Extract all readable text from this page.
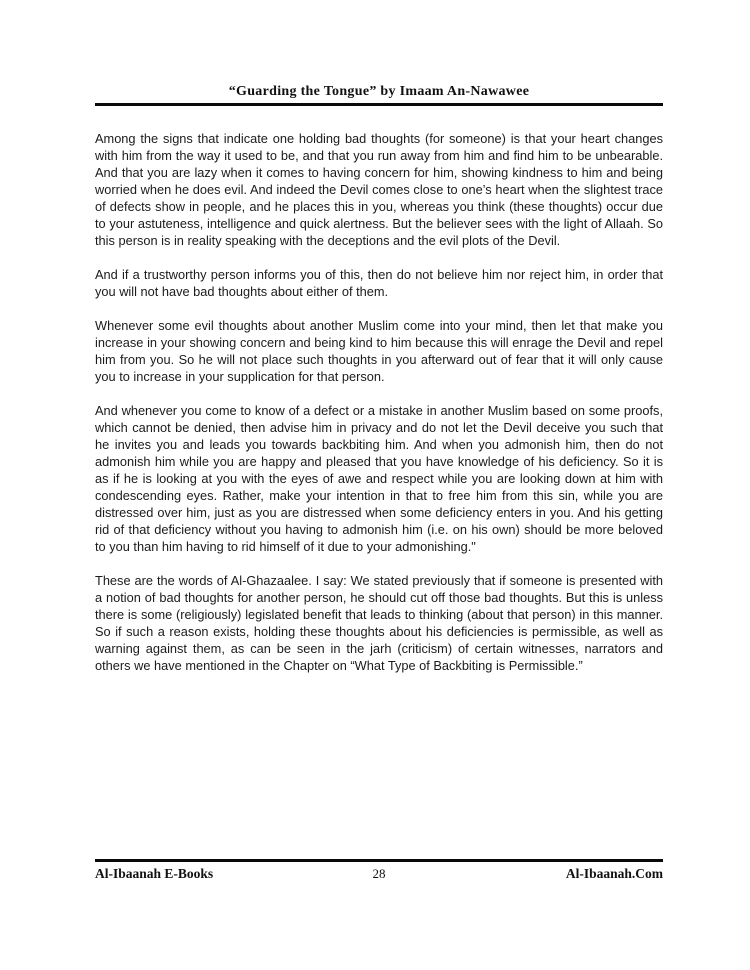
“Guarding the Tongue” by Imaam An-Nawawee

Among the signs that indicate one holding bad thoughts (for someone) is that your heart changes with him from the way it used to be, and that you run away from him and find him to be unbearable. And that you are lazy when it comes to having concern for him, showing kindness to him and being worried when he does evil. And indeed the Devil comes close to one’s heart when the slightest trace of defects show in people, and he places this in you, whereas you think (these thoughts) occur due to your astuteness, intelligence and quick alertness. But the believer sees with the light of Allaah. So this person is in reality speaking with the deceptions and the evil plots of the Devil.

And if a trustworthy person informs you of this, then do not believe him nor reject him, in order that you will not have bad thoughts about either of them.

Whenever some evil thoughts about another Muslim come into your mind, then let that make you increase in your showing concern and being kind to him because this will enrage the Devil and repel him from you. So he will not place such thoughts in you afterward out of fear that it will only cause you to increase in your supplication for that person.

And whenever you come to know of a defect or a mistake in another Muslim based on some proofs, which cannot be denied, then advise him in privacy and do not let the Devil deceive you such that he invites you and leads you towards backbiting him. And when you admonish him, then do not admonish him while you are happy and pleased that you have knowledge of his deficiency. So it is as if he is looking at you with the eyes of awe and respect while you are looking down at him with condescending eyes. Rather, make your intention in that to free him from this sin, while you are distressed over him, just as you are distressed when some deficiency enters in you. And his getting rid of that deficiency without you having to admonish him (i.e. on his own) should be more beloved to you than him having to rid himself of it due to your admonishing."

These are the words of Al-Ghazaalee. I say: We stated previously that if someone is presented with a notion of bad thoughts for another person, he should cut off those bad thoughts. But this is unless there is some (religiously) legislated benefit that leads to thinking (about that person) in this manner. So if such a reason exists, holding these thoughts about his deficiencies is permissible, as well as warning against them, as can be seen in the jarh (criticism) of certain witnesses, narrators and others we have mentioned in the Chapter on “What Type of Backbiting is Permissible.”

Al-Ibaanah E-Books	28	Al-Ibaanah.Com
